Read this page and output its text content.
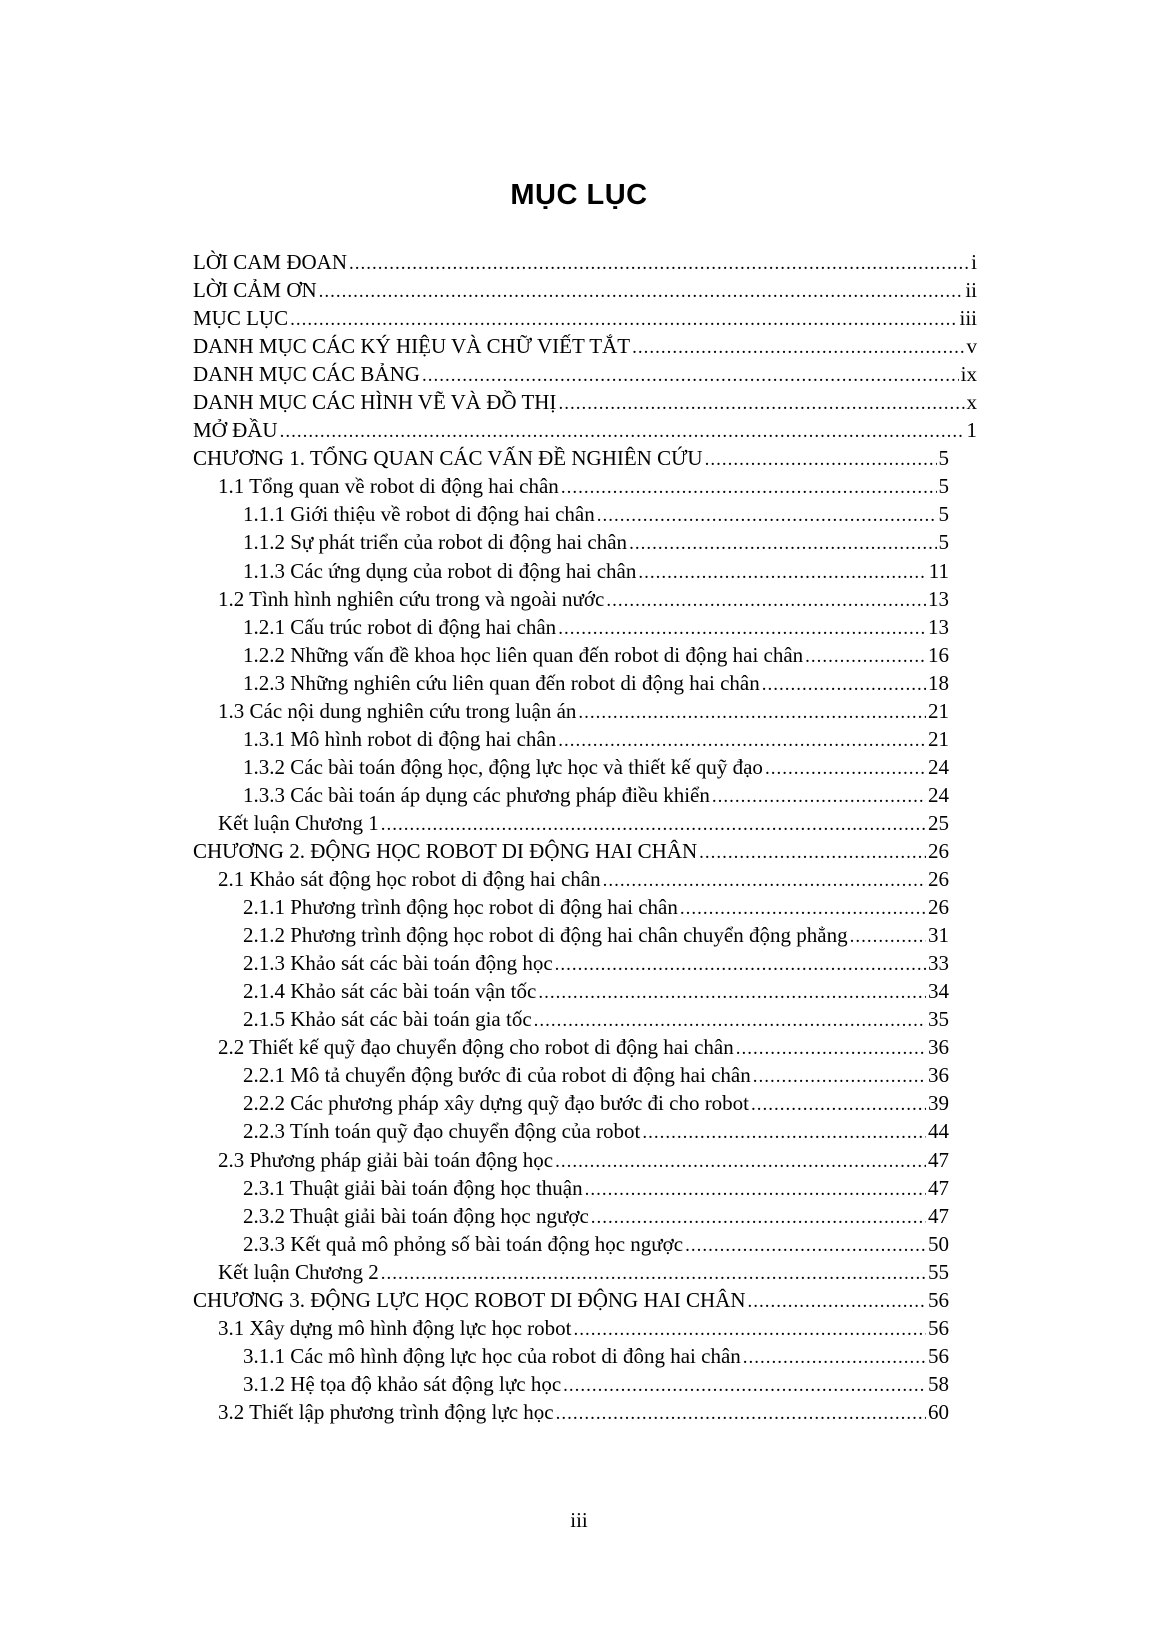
MỤC LỤC
LỜI CAM ĐOAN .....	i
LỜI CẢM ƠN .....	ii
MỤC LỤC .....	iii
DANH MỤC CÁC KÝ HIỆU VÀ CHỮ VIẾT TẮT .....	v
DANH MỤC CÁC BẢNG .....	ix
DANH MỤC CÁC HÌNH VẼ VÀ ĐỒ THỊ .....	x
MỞ ĐẦU .....	1
CHƯƠNG 1. TỔNG QUAN CÁC VẤN ĐỀ NGHIÊN CỨU .....	5
1.1 Tổng quan về robot di động hai chân .....	5
1.1.1 Giới thiệu về robot di động hai chân .....	5
1.1.2 Sự phát triển của robot di động hai chân .....	5
1.1.3 Các ứng dụng của robot di động hai chân .....	11
1.2 Tình hình nghiên cứu trong và ngoài nước .....	13
1.2.1 Cấu trúc robot di động hai chân .....	13
1.2.2 Những vấn đề khoa học liên quan đến robot di động hai chân .....	16
1.2.3 Những nghiên cứu liên quan đến robot di động hai chân .....	18
1.3 Các nội dung nghiên cứu trong luận án .....	21
1.3.1 Mô hình robot di động hai chân .....	21
1.3.2 Các bài toán động học, động lực học và thiết kế quỹ đạo .....	24
1.3.3 Các bài toán áp dụng các phương pháp điều khiển .....	24
Kết luận Chương 1 .....	25
CHƯƠNG 2. ĐỘNG HỌC ROBOT DI ĐỘNG HAI CHÂN .....	26
2.1 Khảo sát động học robot di động hai chân .....	26
2.1.1 Phương trình động học robot di động hai chân .....	26
2.1.2 Phương trình động học robot di động hai chân chuyển động phẳng .....	31
2.1.3 Khảo sát các bài toán động học .....	33
2.1.4 Khảo sát các bài toán vận tốc .....	34
2.1.5 Khảo sát các bài toán gia tốc .....	35
2.2 Thiết kế quỹ đạo chuyển động cho robot di động hai chân .....	36
2.2.1 Mô tả chuyển động bước đi của robot di động hai chân .....	36
2.2.2 Các phương pháp xây dựng quỹ đạo bước đi cho robot .....	39
2.2.3 Tính toán quỹ đạo chuyển động của robot .....	44
2.3 Phương pháp giải bài toán động học .....	47
2.3.1 Thuật giải bài toán động học thuận .....	47
2.3.2 Thuật giải bài toán động học ngược .....	47
2.3.3 Kết quả mô phỏng số bài toán động học ngược .....	50
Kết luận Chương 2 .....	55
CHƯƠNG 3. ĐỘNG LỰC HỌC ROBOT DI ĐỘNG HAI CHÂN .....	56
3.1 Xây dựng mô hình động lực học robot .....	56
3.1.1 Các mô hình động lực học của robot di đông hai chân .....	56
3.1.2 Hệ tọa độ khảo sát động lực học .....	58
3.2 Thiết lập phương trình động lực học .....	60
iii
